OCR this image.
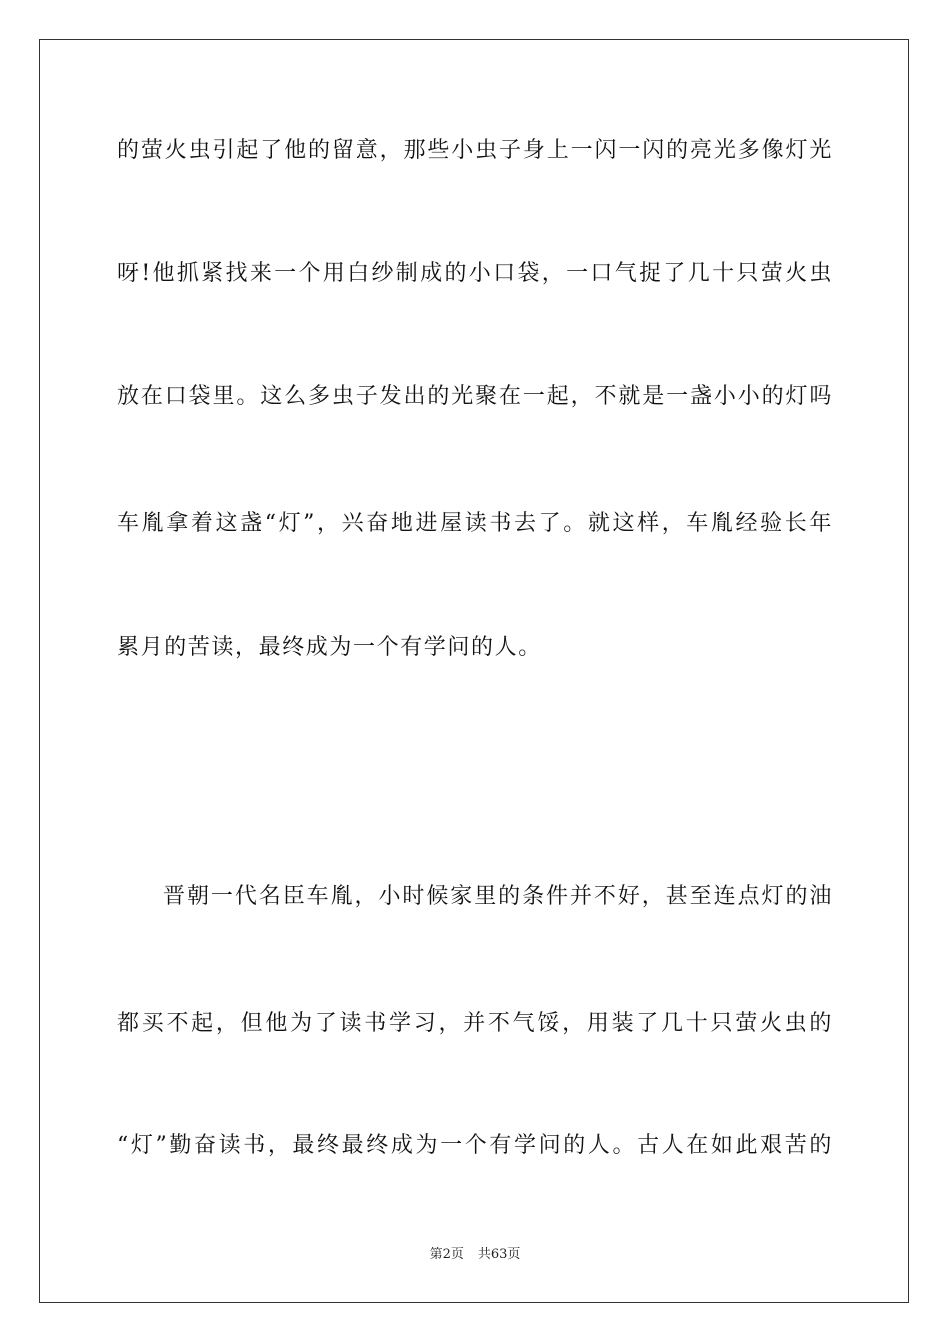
的萤火虫引起了他的留意，那些小虫子身上一闪一闪的亮光多像灯光
呀!他抓紧找来一个用白纱制成的小口袋，一口气捉了几十只萤火虫
放在口袋里。这么多虫子发出的光聚在一起，不就是一盏小小的灯吗
车胤拿着这盏“灯”，兴奋地进屋读书去了。就这样，车胤经验长年
累月的苦读，最终成为一个有学问的人。
晋朝一代名臣车胤，小时候家里的条件并不好，甚至连点灯的油
都买不起，但他为了读书学习，并不气馁，用装了几十只萤火虫的
“灯”勤奋读书，最终最终成为一个有学问的人。古人在如此艰苦的
第2页 共63页
